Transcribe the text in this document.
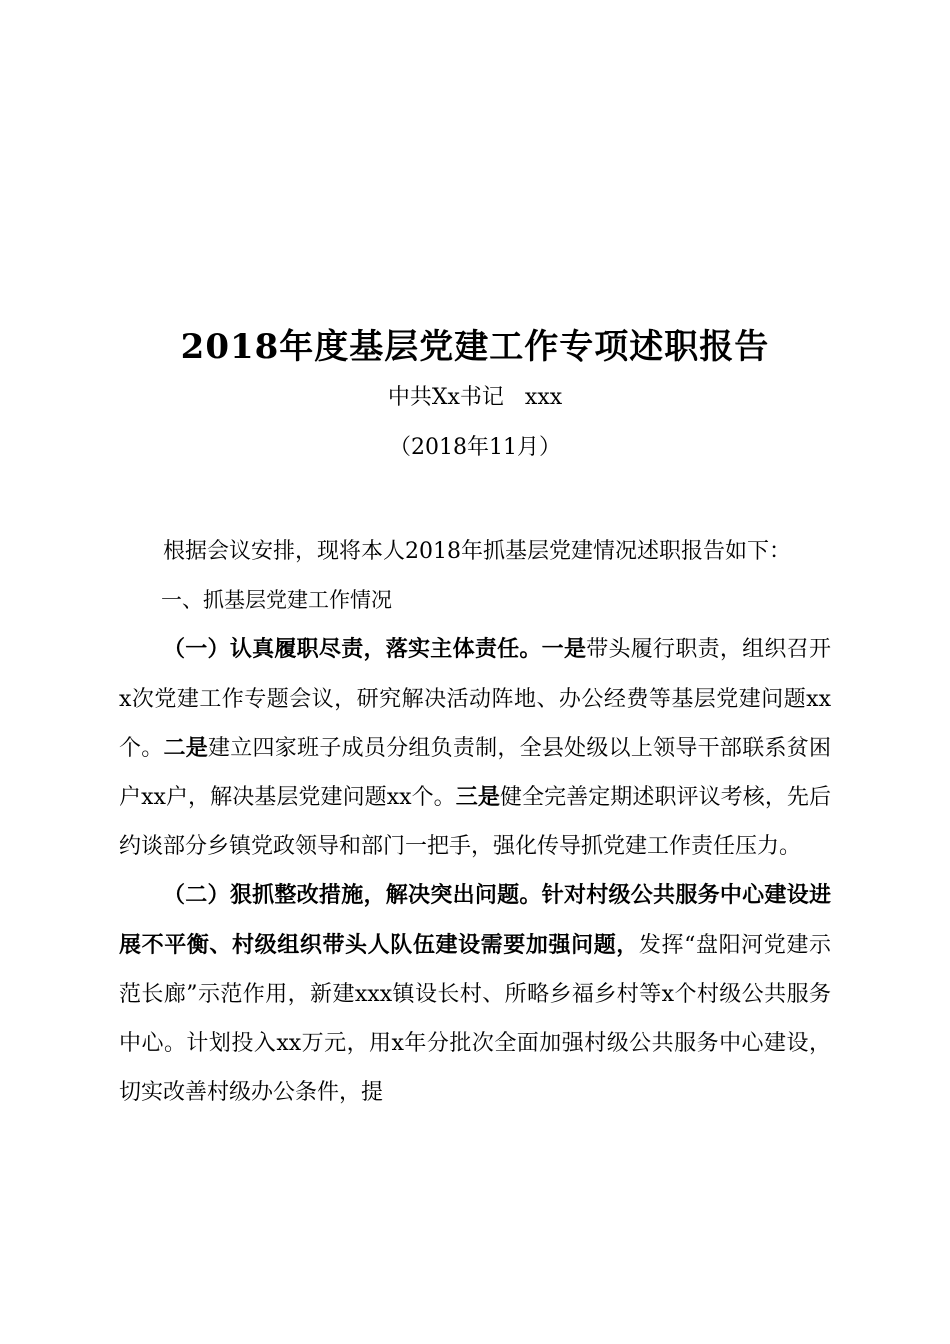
2018年度基层党建工作专项述职报告
中共Xx书记   xxx
（2018年11月）

根据会议安排，现将本人2018年抓基层党建情况述职报告如下：

一、抓基层党建工作情况

（一）认真履职尽责，落实主体责任。一是带头履行职责，组织召开x次党建工作专题会议，研究解决活动阵地、办公经费等基层党建问题xx个。二是建立四家班子成员分组负责制，全县处级以上领导干部联系贫困户xx户，解决基层党建问题xx个。三是健全完善定期述职评议考核，先后约谈部分乡镇党政领导和部门一把手，强化传导抓党建工作责任压力。

（二）狠抓整改措施，解决突出问题。针对村级公共服务中心建设进展不平衡、村级组织带头人队伍建设需要加强问题，发挥“盘阳河党建示范长廊”示范作用，新建xxx镇设长村、所略乡福乡村等x个村级公共服务中心。计划投入xx万元，用x年分批次全面加强村级公共服务中心建设，切实改善村级办公条件，提
